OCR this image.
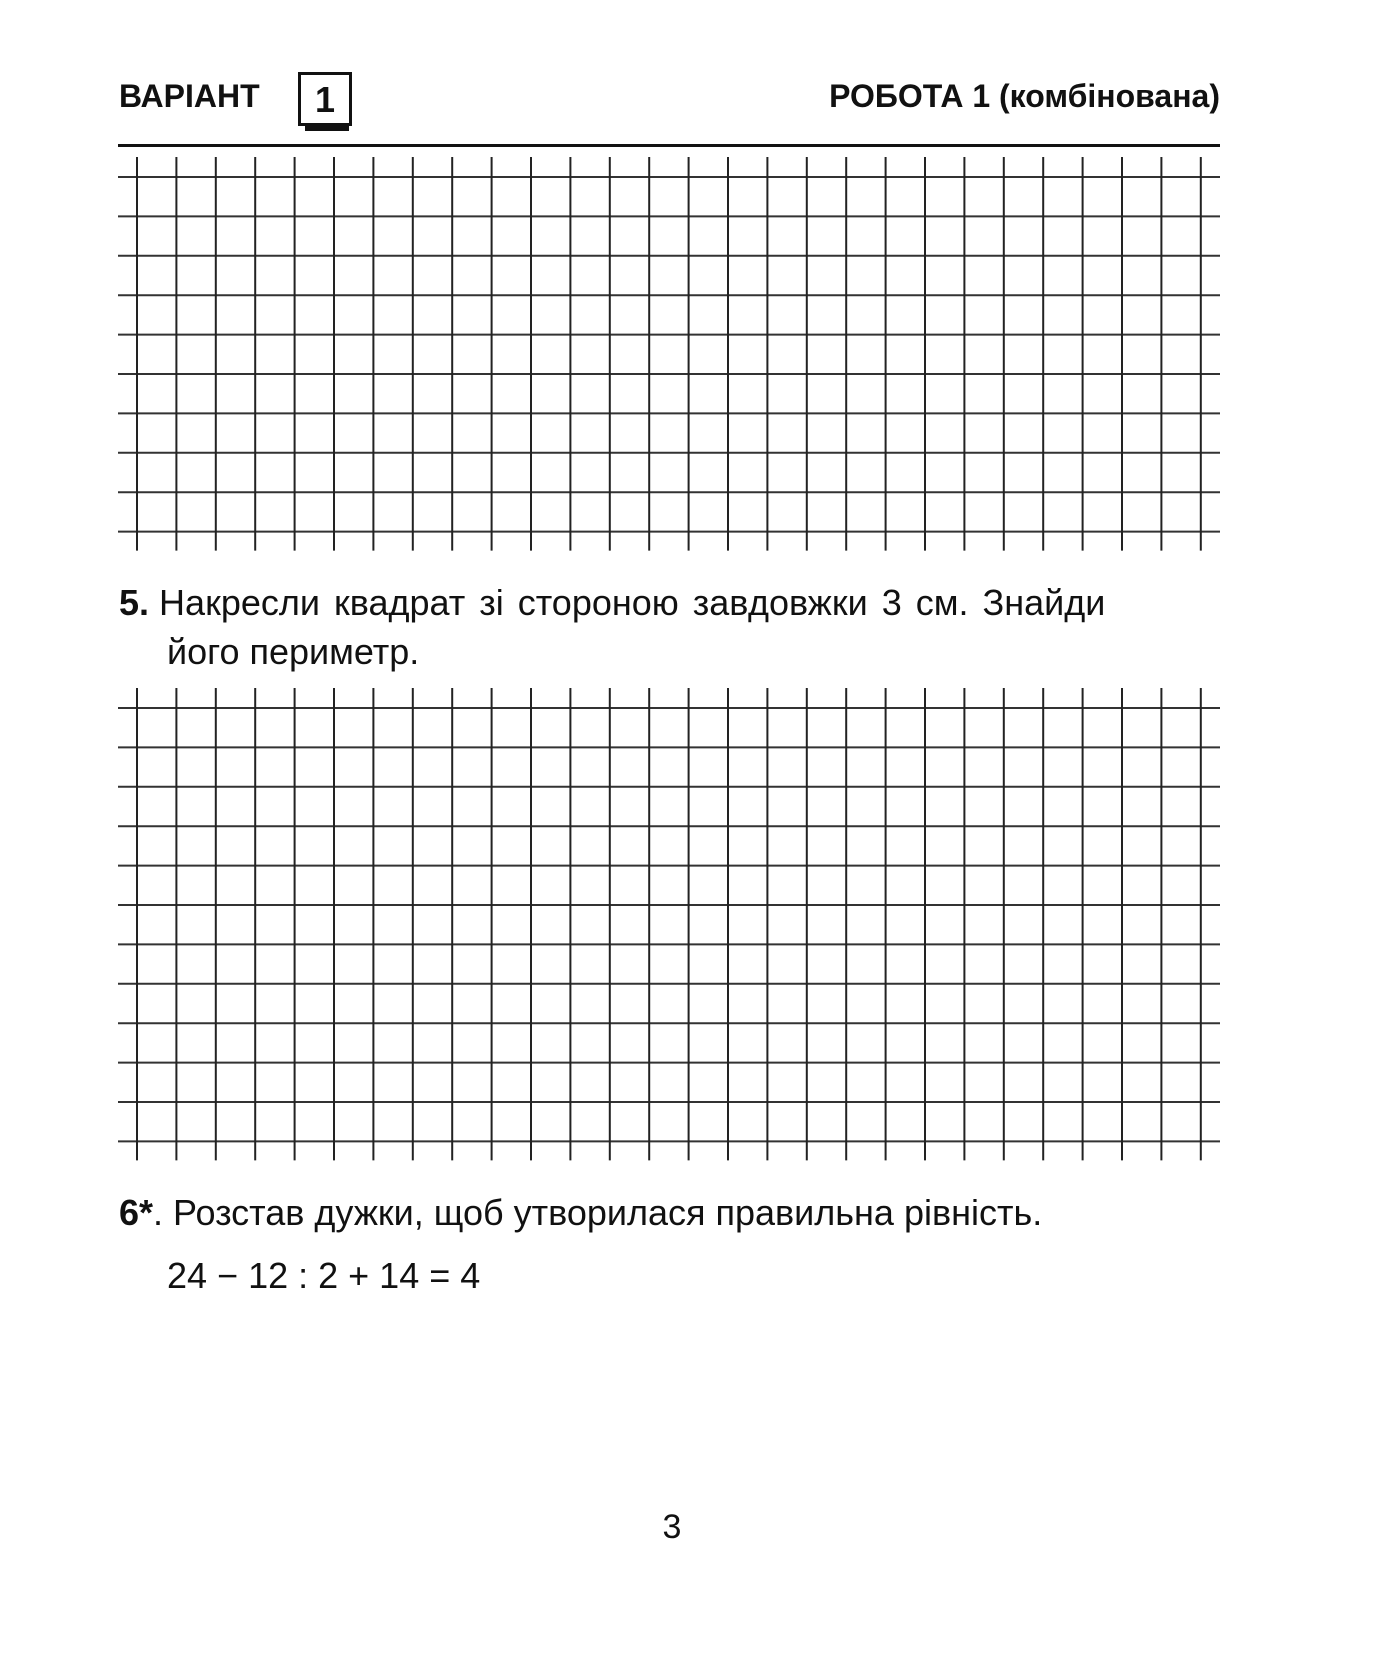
ВАРІАНТ	1	РОБОТА 1 (комбінована)
5. Накресли квадрат зі стороною завдовжки 3 см. Знайди
його периметр.
6*. Розстав дужки, щоб утворилася правильна рівність.
24 − 12 : 2 + 14 = 4
3
